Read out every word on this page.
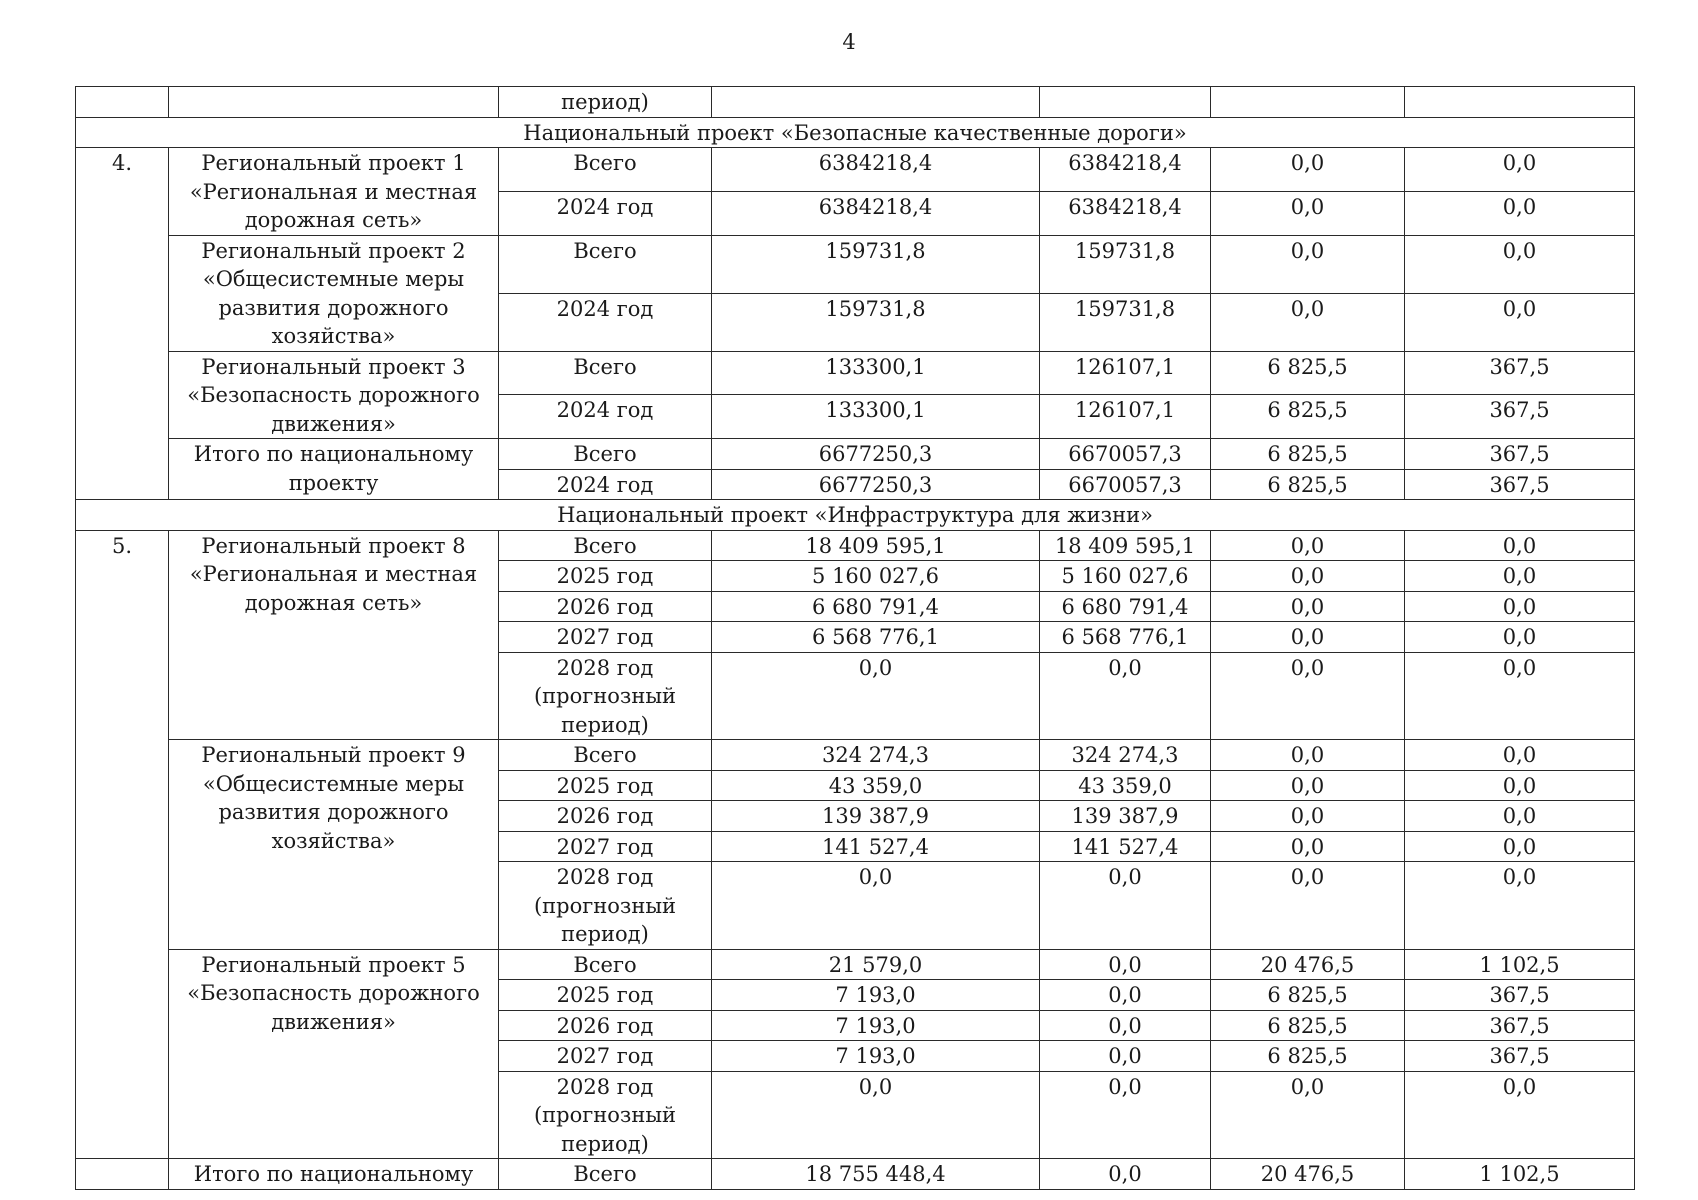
4
		период)				
Национальный проект «Безопасные качественные дороги»						
4.	Региональный проект 1 «Региональная и местная дорожная сеть»	Всего	6384218,4	6384218,4	0,0	0,0
		2024 год	6384218,4	6384218,4	0,0	0,0
	Региональный проект 2 «Общесистемные меры развития дорожного хозяйства»	Всего	159731,8	159731,8	0,0	0,0
		2024 год	159731,8	159731,8	0,0	0,0
	Региональный проект 3 «Безопасность дорожного движения»	Всего	133300,1	126107,1	6 825,5	367,5
		2024 год	133300,1	126107,1	6 825,5	367,5
	Итого по национальному проекту	Всего	6677250,3	6670057,3	6 825,5	367,5
		2024 год	6677250,3	6670057,3	6 825,5	367,5
Национальный проект «Инфраструктура для жизни»						
5.	Региональный проект 8 «Региональная и местная дорожная сеть»	Всего	18 409 595,1	18 409 595,1	0,0	0,0
		2025 год	5 160 027,6	5 160 027,6	0,0	0,0
		2026 год	6 680 791,4	6 680 791,4	0,0	0,0
		2027 год	6 568 776,1	6 568 776,1	0,0	0,0
		2028 год (прогнозный период)	0,0	0,0	0,0	0,0
	Региональный проект 9 «Общесистемные меры развития дорожного хозяйства»	Всего	324 274,3	324 274,3	0,0	0,0
		2025 год	43 359,0	43 359,0	0,0	0,0
		2026 год	139 387,9	139 387,9	0,0	0,0
		2027 год	141 527,4	141 527,4	0,0	0,0
		2028 год (прогнозный период)	0,0	0,0	0,0	0,0
	Региональный проект 5 «Безопасность дорожного движения»	Всего	21 579,0	0,0	20 476,5	1 102,5
		2025 год	7 193,0	0,0	6 825,5	367,5
		2026 год	7 193,0	0,0	6 825,5	367,5
		2027 год	7 193,0	0,0	6 825,5	367,5
		2028 год (прогнозный период)	0,0	0,0	0,0	0,0
	Итого по национальному	Всего	18 755 448,4	0,0	20 476,5	1 102,5
